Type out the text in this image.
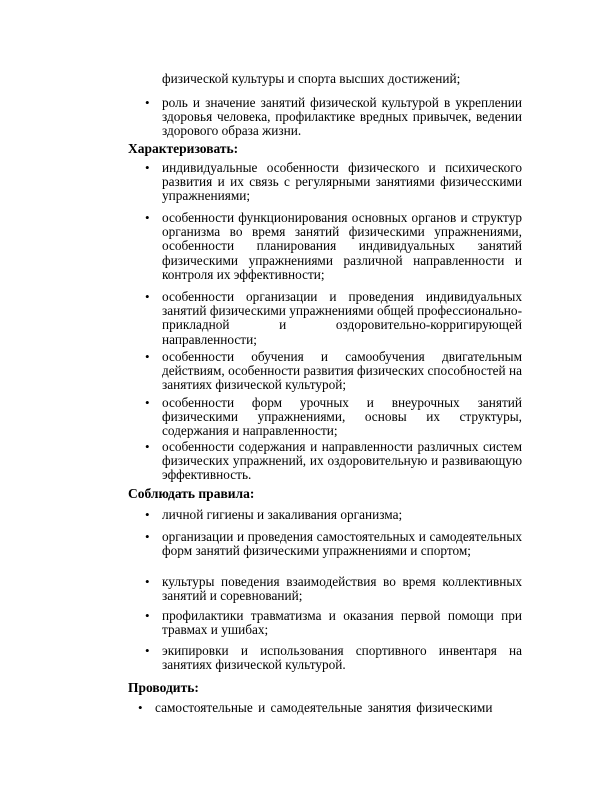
физической культуры и спорта высших достижений;
• роль и значение занятий физической культурой в укреплении здоровья человека, профилактике вредных привычек, ведении здорового образа жизни.
Характеризовать:
• индивидуальные особенности физического и психического развития и их связь с регулярными занятиями физичесскими упражнениями;
• особенности функционирования основных органов и структур организма во время занятий физическими упражнениями, особенности планирования индивидуальных занятий физическими упражнениями различной направленности и контроля их эффективности;
• особенности организации и проведения индивидуальных занятий физическими упражнениями общей профессионально-прикладной и оздоровительно-корригирующей направленности;
• особенности обучения и самообучения двигательным действиям, особенности развития физических способностей на занятиях физической культурой;
• особенности форм урочных и внеурочных занятий физическими упражнениями, основы их структуры, содержания и направленности;
• особенности содержания и направленности различных систем физических упражнений, их оздоровительную и развивающую эффективность.
Соблюдать правила:
• личной гигиены и закаливания организма;
• организации и проведения самостоятельных и самодеятельных форм занятий физическими упражнениями и спортом;
• культуры поведения взаимодействия во время коллективных занятий и соревнований;
• профилактики травматизма и оказания первой помощи при травмах и ушибах;
• экипировки и использования спортивного инвентаря на занятиях физической культурой.
Проводить:
• самостоятельные и самодеятельные занятия физическими
